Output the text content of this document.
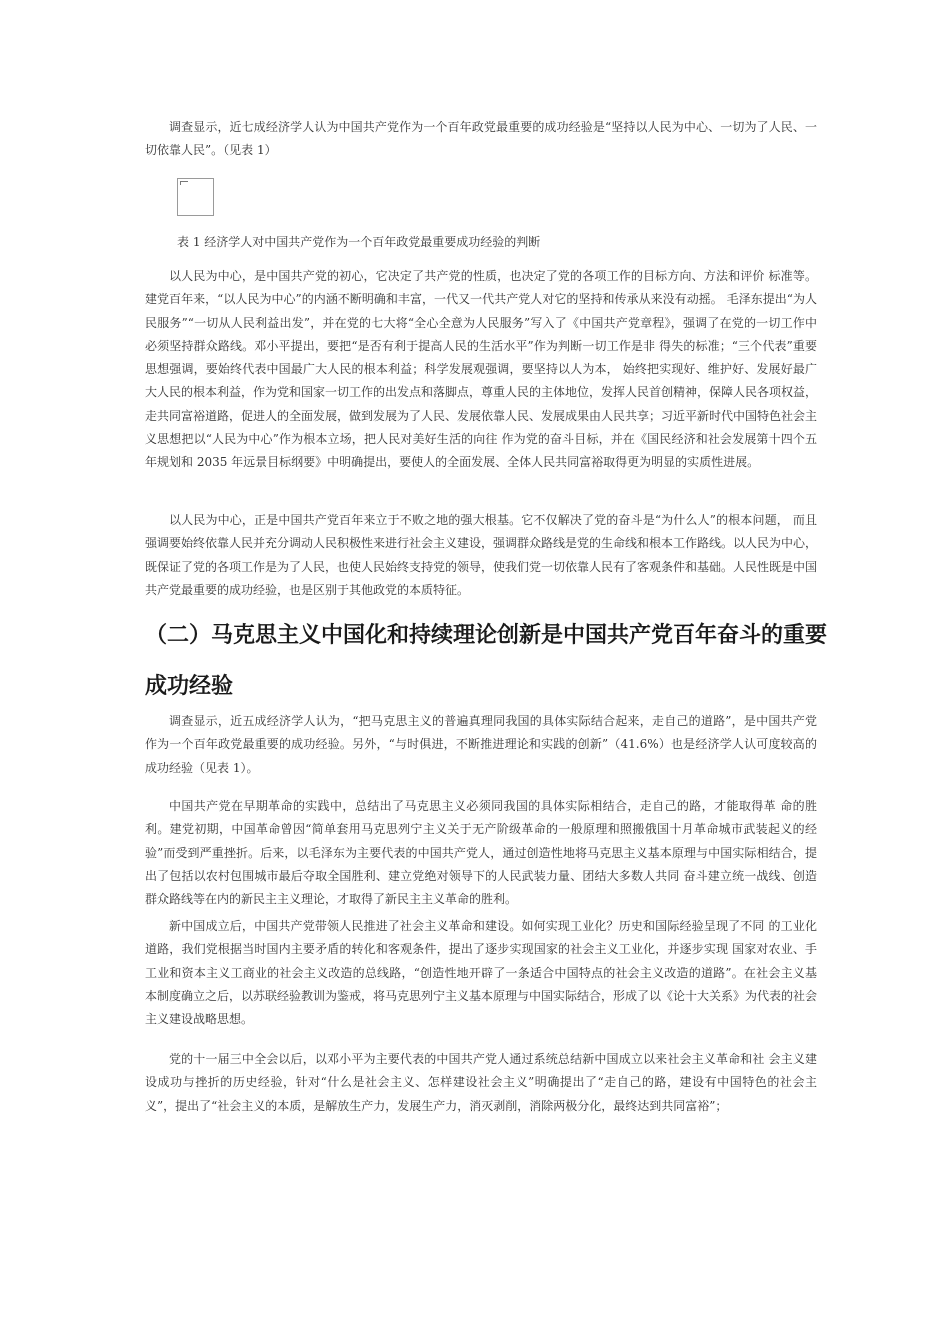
调查显示，近七成经济学人认为中国共产党作为一个百年政党最重要的成功经验是“坚持以人民为中心、一切为了人民、一切依靠人民”。（见表 1）

表 1 经济学人对中国共产党作为一个百年政党最重要成功经验的判断

以人民为中心，是中国共产党的初心，它决定了共产党的性质，也决定了党的各项工作的目标方向、方法和评价 标准等。建党百年来，“以人民为中心”的内涵不断明确和丰富，一代又一代共产党人对它的坚持和传承从来没有动摇。 毛泽东提出“为人民服务”“一切从人民利益出发”，并在党的七大将“全心全意为人民服务”写入了《中国共产党章程》，强调了在党的一切工作中必须坚持群众路线。邓小平提出，要把“是否有利于提高人民的生活水平”作为判断一切工作是非 得失的标准；“三个代表”重要思想强调，要始终代表中国最广大人民的根本利益；科学发展观强调，要坚持以人为本， 始终把实现好、维护好、发展好最广大人民的根本利益，作为党和国家一切工作的出发点和落脚点，尊重人民的主体地位，发挥人民首创精神，保障人民各项权益，走共同富裕道路，促进人的全面发展，做到发展为了人民、发展依靠人民、发展成果由人民共享；习近平新时代中国特色社会主义思想把以“人民为中心”作为根本立场，把人民对美好生活的向往 作为党的奋斗目标，并在《国民经济和社会发展第十四个五年规划和 2035 年远景目标纲要》中明确提出，要使人的全面发展、全体人民共同富裕取得更为明显的实质性进展。

以人民为中心，正是中国共产党百年来立于不败之地的强大根基。它不仅解决了党的奋斗是“为什么人”的根本问题， 而且强调要始终依靠人民并充分调动人民积极性来进行社会主义建设，强调群众路线是党的生命线和根本工作路线。以人民为中心，既保证了党的各项工作是为了人民，也使人民始终支持党的领导，使我们党一切依靠人民有了客观条件和基础。人民性既是中国共产党最重要的成功经验，也是区别于其他政党的本质特征。

（二）马克思主义中国化和持续理论创新是中国共产党百年奋斗的重要成功经验

调查显示，近五成经济学人认为，“把马克思主义的普遍真理同我国的具体实际结合起来，走自己的道路”，是中国共产党作为一个百年政党最重要的成功经验。另外，“与时俱进，不断推进理论和实践的创新”（41.6%）也是经济学人认可度较高的成功经验（见表 1）。

中国共产党在早期革命的实践中，总结出了马克思主义必须同我国的具体实际相结合，走自己的路，才能取得革 命的胜利。建党初期，中国革命曾因“简单套用马克思列宁主义关于无产阶级革命的一般原理和照搬俄国十月革命城市武装起义的经验”而受到严重挫折。后来，以毛泽东为主要代表的中国共产党人，通过创造性地将马克思主义基本原理与中国实际相结合，提出了包括以农村包围城市最后夺取全国胜利、建立党绝对领导下的人民武装力量、团结大多数人共同 奋斗建立统一战线、创造群众路线等在内的新民主主义理论，才取得了新民主主义革命的胜利。

新中国成立后，中国共产党带领人民推进了社会主义革命和建设。如何实现工业化？历史和国际经验呈现了不同 的工业化道路，我们党根据当时国内主要矛盾的转化和客观条件，提出了逐步实现国家的社会主义工业化，并逐步实现 国家对农业、手工业和资本主义工商业的社会主义改造的总线路，“创造性地开辟了一条适合中国特点的社会主义改造的道路”。在社会主义基本制度确立之后，以苏联经验教训为鉴戒，将马克思列宁主义基本原理与中国实际结合，形成了以《论十大关系》为代表的社会主义建设战略思想。

党的十一届三中全会以后，以邓小平为主要代表的中国共产党人通过系统总结新中国成立以来社会主义革命和社 会主义建设成功与挫折的历史经验，针对“什么是社会主义、怎样建设社会主义”明确提出了“走自己的路，建设有中国特色的社会主义”，提出了“社会主义的本质，是解放生产力，发展生产力，消灭剥削，消除两极分化，最终达到共同富裕”；
